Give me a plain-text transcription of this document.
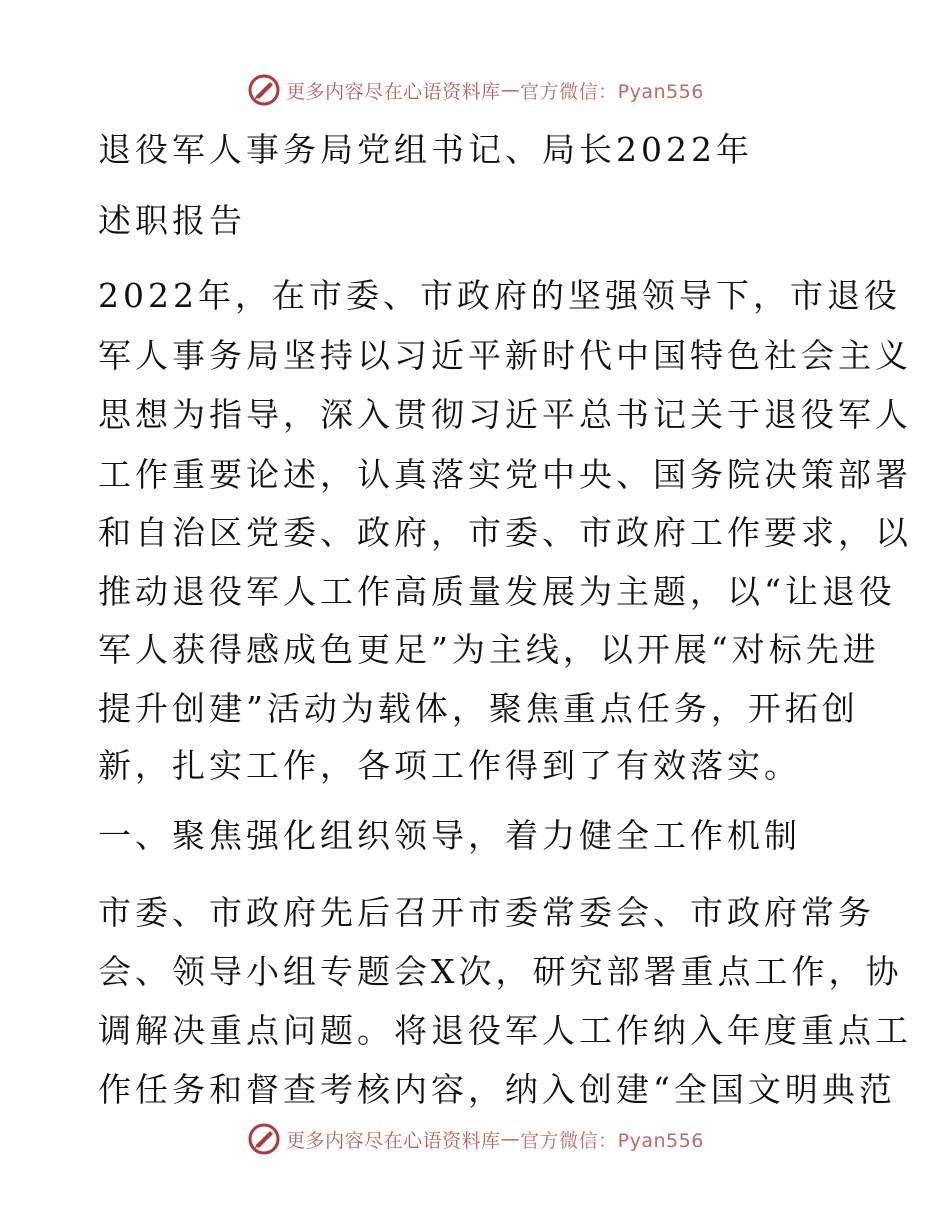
更多内容尽在心语资料库 — 官方微信：Pyan556
退役军人事务局党组书记、局长2022年
述职报告
2022年，在市委、市政府的坚强领导下，市退役
军人事务局坚持以习近平新时代中国特色社会主义
思想为指导，深入贯彻习近平总书记关于退役军人
工作重要论述，认真落实党中央、国务院决策部署
和自治区党委、政府，市委、市政府工作要求，以
推动退役军人工作高质量发展为主题，以“让退役
军人获得感成色更足”为主线，以开展“对标先进
提升创建”活动为载体，聚焦重点任务，开拓创
新，扎实工作，各项工作得到了有效落实。
一、聚焦强化组织领导，着力健全工作机制
市委、市政府先后召开市委常委会、市政府常务
会、领导小组专题会X次，研究部署重点工作，协
调解决重点问题。将退役军人工作纳入年度重点工
作任务和督查考核内容，纳入创建“全国文明典范
更多内容尽在心语资料库 — 官方微信：Pyan556
